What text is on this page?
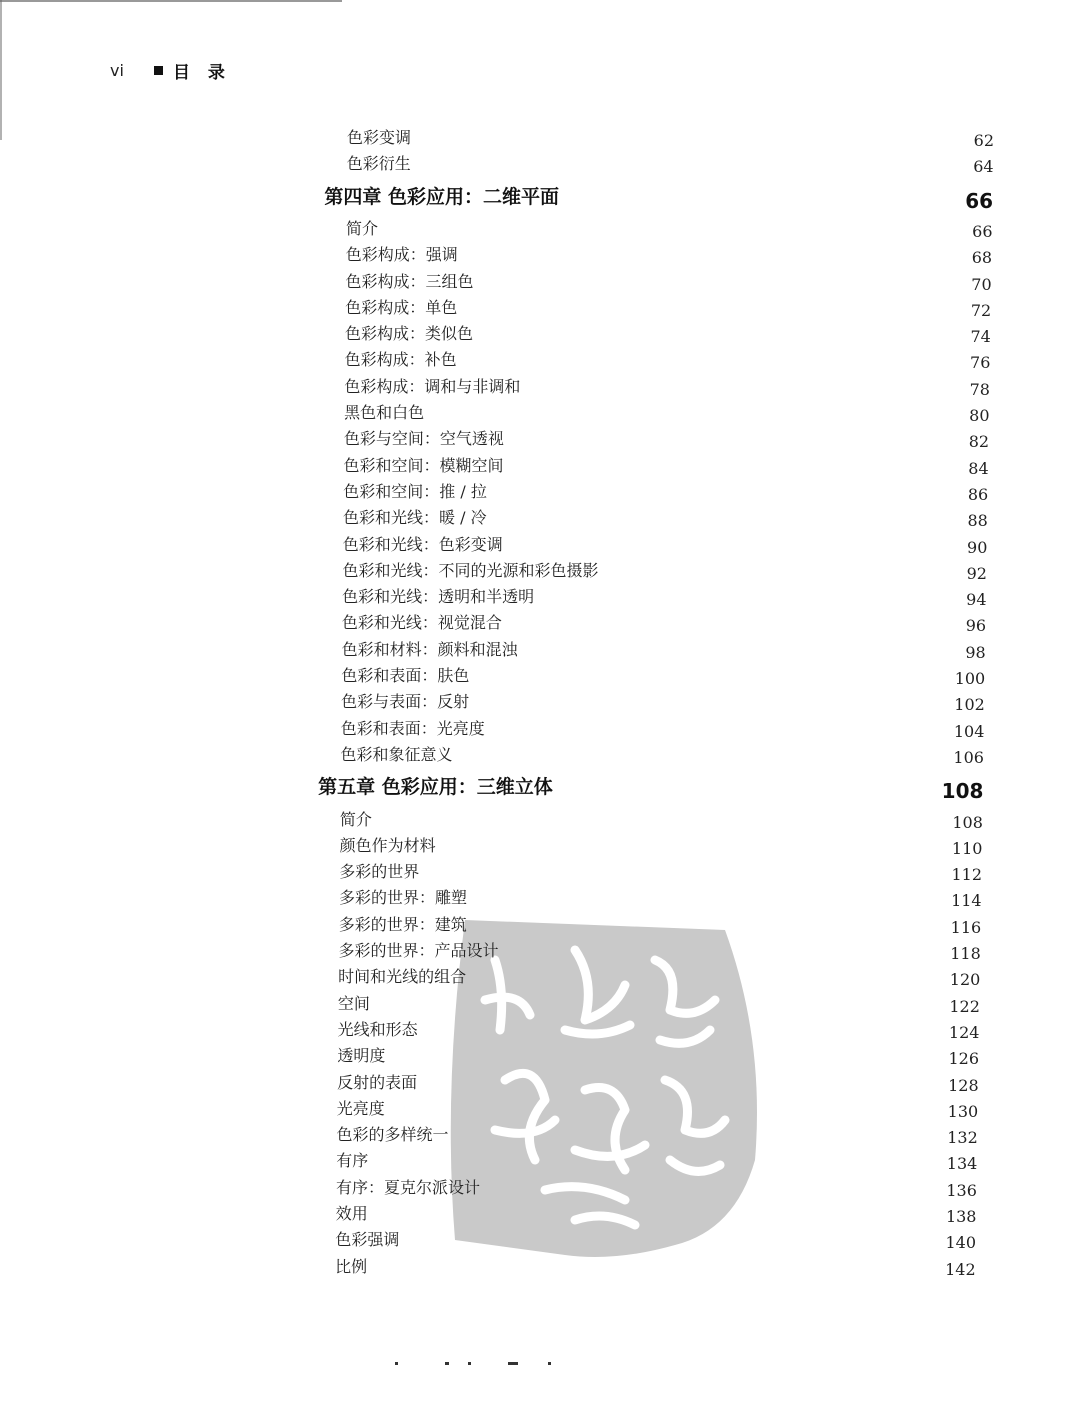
vi	目 录
色彩变调	62
色彩衍生	64
第四章 色彩应用：二维平面	66
简介	66
色彩构成：强调	68
色彩构成：三组色	70
色彩构成：单色	72
色彩构成：类似色	74
色彩构成：补色	76
色彩构成：调和与非调和	78
黑色和白色	80
色彩与空间：空气透视	82
色彩和空间：模糊空间	84
色彩和空间：推 / 拉	86
色彩和光线：暖 / 冷	88
色彩和光线：色彩变调	90
色彩和光线：不同的光源和彩色摄影	92
色彩和光线：透明和半透明	94
色彩和光线：视觉混合	96
色彩和材料：颜料和混浊	98
色彩和表面：肤色	100
色彩与表面：反射	102
色彩和表面：光亮度	104
色彩和象征意义	106
第五章 色彩应用：三维立体	108
简介	108
颜色作为材料	110
多彩的世界	112
多彩的世界：雕塑	114
多彩的世界：建筑	116
多彩的世界：产品设计	118
时间和光线的组合	120
空间	122
光线和形态	124
透明度	126
反射的表面	128
光亮度	130
色彩的多样统一	132
有序	134
有序：夏克尔派设计	136
效用	138
色彩强调	140
比例	142
